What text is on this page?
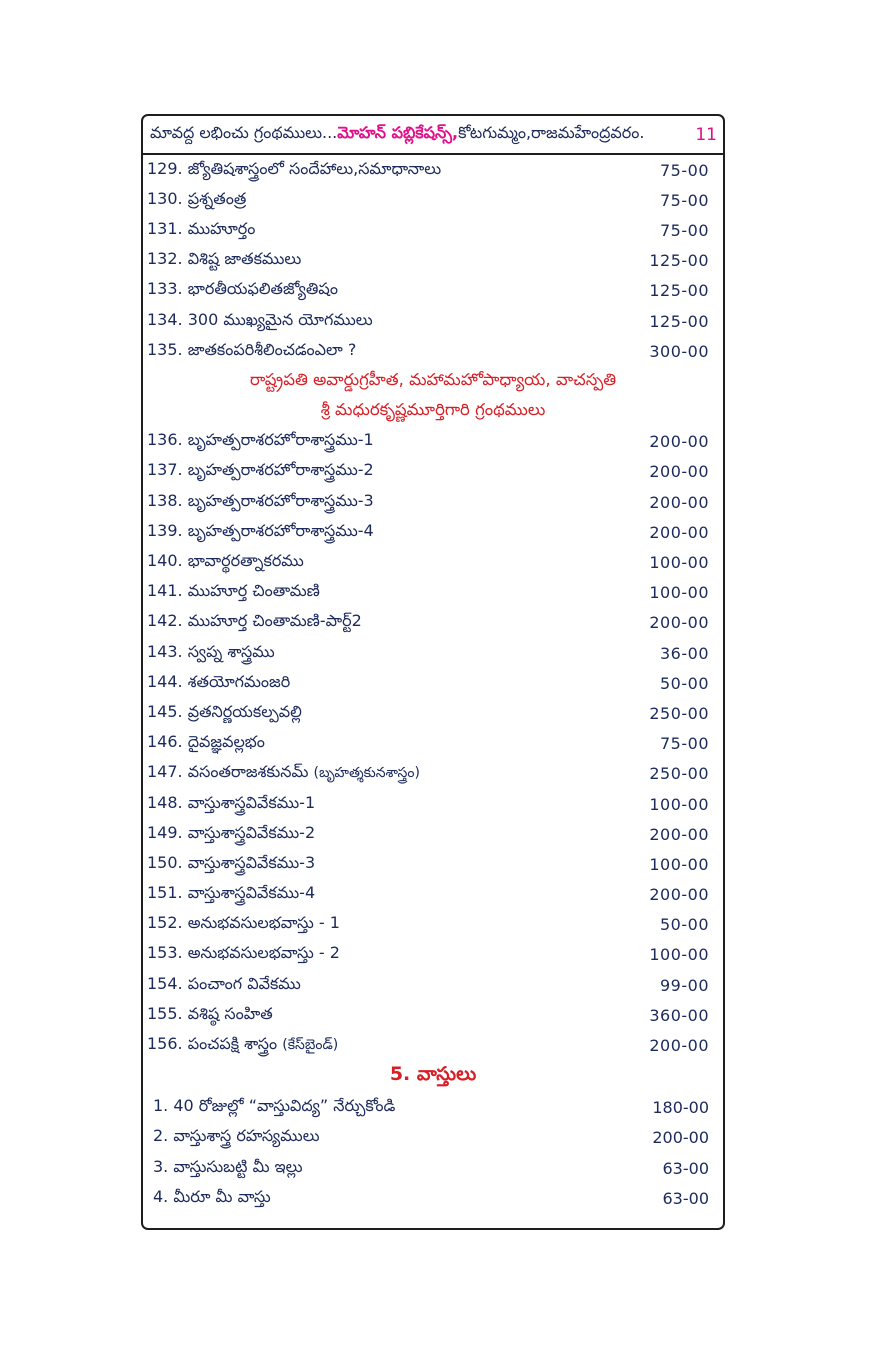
మావద్ద లభించు గ్రంథములు... మోహన్ పబ్లికేషన్స్, కోటగుమ్మం,రాజమహేంద్రవరం.	11
129. జ్యోతిషశాస్త్రంలో సందేహాలు,సమాధానాలు	75-00
130. ప్రశ్నతంత్ర	75-00
131. ముహూర్తం	75-00
132. విశిష్ట జాతకములు	125-00
133. భారతీయఫలితజ్యోతిషం	125-00
134. 300 ముఖ్యమైన యోగములు	125-00
135. జాతకంపరిశీలించడంఎలా ?	300-00
రాష్ట్రపతి అవార్డుగ్రహీత, మహామహోపాధ్యాయ, వాచస్పతి
శ్రీ మధురకృష్ణమూర్తిగారి గ్రంథములు
136. బృహత్పరాశరహోరాశాస్త్రము-1	200-00
137. బృహత్పరాశరహోరాశాస్త్రము-2	200-00
138. బృహత్పరాశరహోరాశాస్త్రము-3	200-00
139. బృహత్పరాశరహోరాశాస్త్రము-4	200-00
140. భావార్థరత్నాకరము	100-00
141. ముహూర్త చింతామణి	100-00
142. ముహూర్త చింతామణి-పార్ట్2	200-00
143. స్వప్న శాస్త్రము	36-00
144. శతయోగమంజరి	50-00
145. వ్రతనిర్ణయకల్పవల్లి	250-00
146. దైవజ్ఞవల్లభం	75-00
147. వసంతరాజశకునమ్ (బృహత్శకునశాస్త్రం)	250-00
148. వాస్తుశాస్త్రవివేకము-1	100-00
149. వాస్తుశాస్త్రవివేకము-2	200-00
150. వాస్తుశాస్త్రవివేకము-3	100-00
151. వాస్తుశాస్త్రవివేకము-4	200-00
152. అనుభవసులభవాస్తు - 1	50-00
153. అనుభవసులభవాస్తు - 2	100-00
154. పంచాంగ వివేకము	99-00
155. వశిష్ఠ సంహిత	360-00
156. పంచపక్షి శాస్త్రం (కేస్‌బైండ్)	200-00
5. వాస్తులు
1. 40 రోజుల్లో “వాస్తువిద్య” నేర్చుకోండి	180-00
2. వాస్తుశాస్త్ర రహస్యములు	200-00
3. వాస్తుసుబట్టి మీ ఇల్లు	63-00
4. మీరూ మీ వాస్తు	63-00
